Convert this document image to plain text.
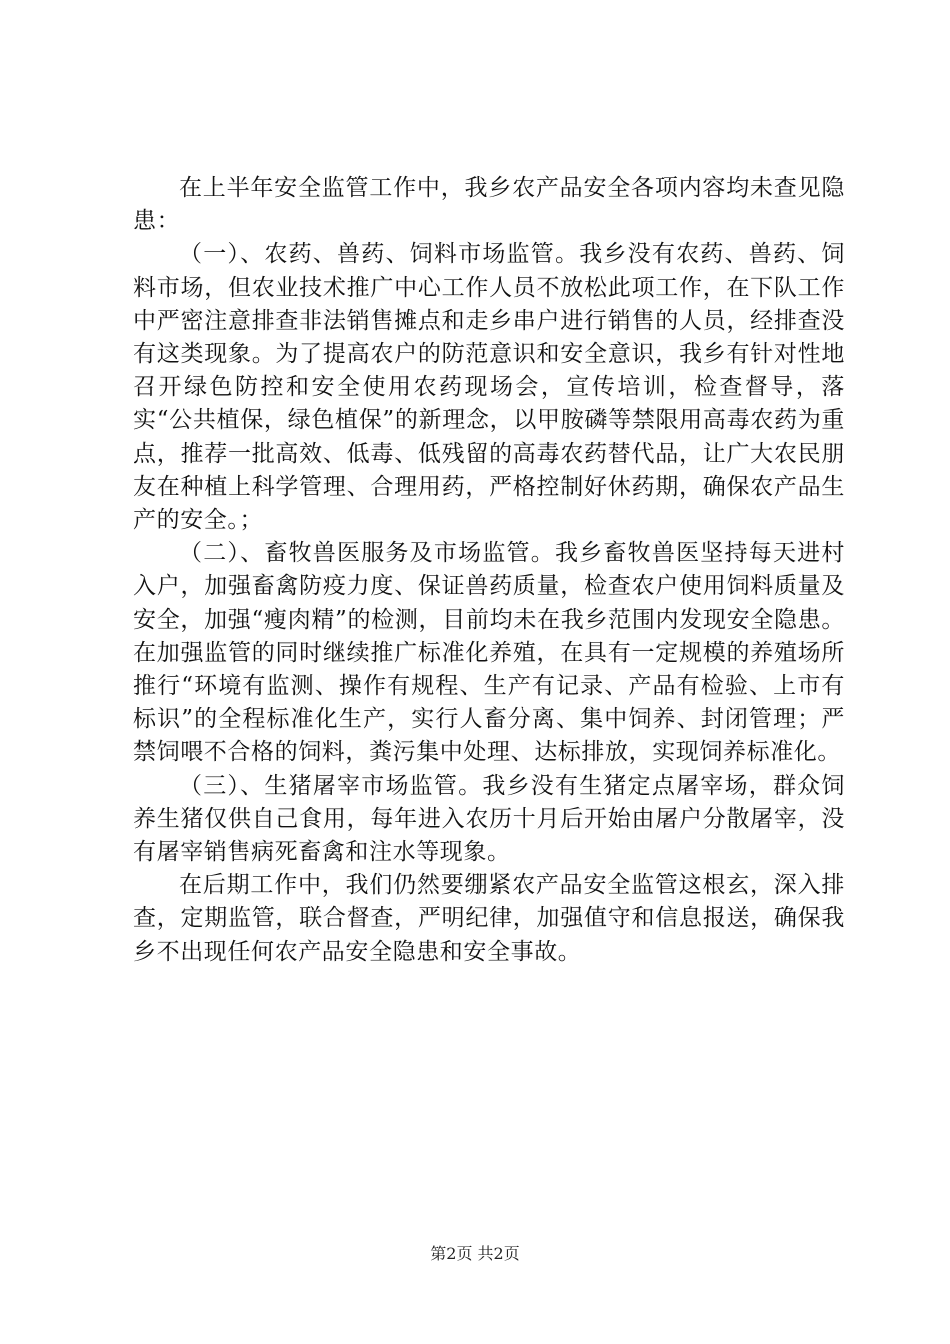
在上半年安全监管工作中，我乡农产品安全各项内容均未查见隐患：

（一）、农药、兽药、饲料市场监管。我乡没有农药、兽药、饲料市场，但农业技术推广中心工作人员不放松此项工作，在下队工作中严密注意排查非法销售摊点和走乡串户进行销售的人员，经排查没有这类现象。为了提高农户的防范意识和安全意识，我乡有针对性地召开绿色防控和安全使用农药现场会，宣传培训，检查督导，落实“公共植保，绿色植保”的新理念，以甲胺磷等禁限用高毒农药为重点，推荐一批高效、低毒、低残留的高毒农药替代品，让广大农民朋友在种植上科学管理、合理用药，严格控制好休药期，确保农产品生产的安全。；

（二）、畜牧兽医服务及市场监管。我乡畜牧兽医坚持每天进村入户，加强畜禽防疫力度、保证兽药质量，检查农户使用饲料质量及安全，加强“瘦肉精”的检测，目前均未在我乡范围内发现安全隐患。在加强监管的同时继续推广标准化养殖，在具有一定规模的养殖场所推行“环境有监测、操作有规程、生产有记录、产品有检验、上市有标识”的全程标准化生产，实行人畜分离、集中饲养、封闭管理；严禁饲喂不合格的饲料，粪污集中处理、达标排放，实现饲养标准化。

（三）、生猪屠宰市场监管。我乡没有生猪定点屠宰场，群众饲养生猪仅供自己食用，每年进入农历十月后开始由屠户分散屠宰，没有屠宰销售病死畜禽和注水等现象。

在后期工作中，我们仍然要绷紧农产品安全监管这根玄，深入排查，定期监管，联合督查，严明纪律，加强值守和信息报送，确保我乡不出现任何农产品安全隐患和安全事故。

第2页 共2页
